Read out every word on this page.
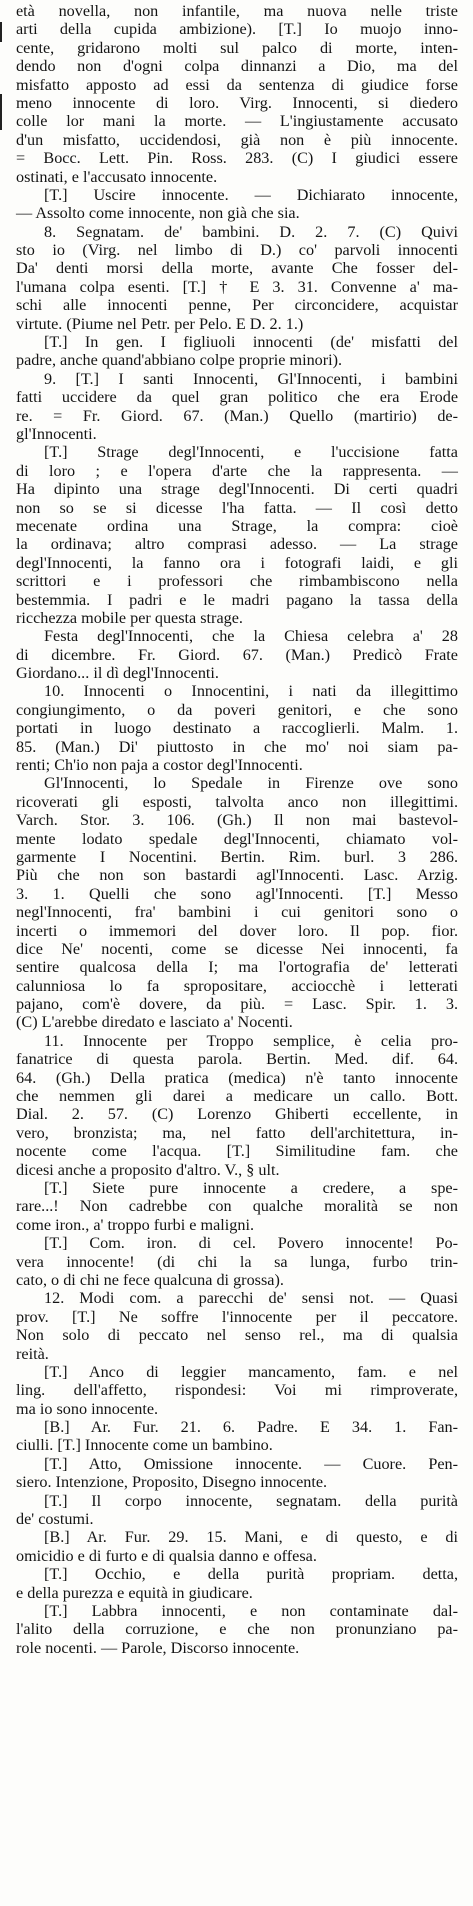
età novella, non infantile, ma nuova nelle triste
arti della cupida ambizione). [T.] Io muojo inno-
cente, gridarono molti sul palco di morte, inten-
dendo non d'ogni colpa dinnanzi a Dio, ma del
misfatto apposto ad essi da sentenza di giudice forse
meno innocente di loro. Virg. Innocenti, si diedero
colle lor mani la morte. — L'ingiustamente accusato
d'un misfatto, uccidendosi, già non è più innocente.
= Bocc. Lett. Pin. Ross. 283. (C) I giudici essere
ostinati, e l'accusato innocente.
[T.] Uscire innocente. — Dichiarato innocente,
— Assolto come innocente, non già che sia.
8. Segnatam. de' bambini. D. 2. 7. (C) Quivi
sto io (Virg. nel limbo di D.) co' parvoli innocenti
Da' denti morsi della morte, avante Che fosser del-
l'umana colpa esenti. [T.] † E 3. 31. Convenne a' ma-
schi alle innocenti penne, Per circoncidere, acquistar
virtute. (Piume nel Petr. per Pelo. E D. 2. 1.)
[T.] In gen. I figliuoli innocenti (de' misfatti del
padre, anche quand'abbiano colpe proprie minori).
9. [T.] I santi Innocenti, Gl'Innocenti, i bambini
fatti uccidere da quel gran politico che era Erode
re. = Fr. Giord. 67. (Man.) Quello (martirio) de-
gl'Innocenti.
[T.] Strage degl'Innocenti, e l'uccisione fatta
di loro ; e l'opera d'arte che la rappresenta. —
Ha dipinto una strage degl'Innocenti. Di certi quadri
non so se si dicesse l'ha fatta. — Il così detto
mecenate ordina una Strage, la compra: cioè
la ordinava; altro comprasi adesso. — La strage
degl'Innocenti, la fanno ora i fotografi laidi, e gli
scrittori e i professori che rimbambiscono nella
bestemmia. I padri e le madri pagano la tassa della
ricchezza mobile per questa strage.
Festa degl'Innocenti, che la Chiesa celebra a' 28
di dicembre. Fr. Giord. 67. (Man.) Predicò Frate
Giordano... il dì degl'Innocenti.
10. Innocenti o Innocentini, i nati da illegittimo
congiungimento, o da poveri genitori, e che sono
portati in luogo destinato a raccoglierli. Malm. 1.
85. (Man.) Di' piuttosto in che mo' noi siam pa-
renti; Ch'io non paja a costor degl'Innocenti.
Gl'Innocenti, lo Spedale in Firenze ove sono
ricoverati gli esposti, talvolta anco non illegittimi.
Varch. Stor. 3. 106. (Gh.) Il non mai bastevol-
mente lodato spedale degl'Innocenti, chiamato vol-
garmente I Nocentini. Bertin. Rim. burl. 3 286.
Più che non son bastardi agl'Innocenti. Lasc. Arzig.
3. 1. Quelli che sono agl'Innocenti. [T.] Messo
negl'Innocenti, fra' bambini i cui genitori sono o
incerti o immemori del dover loro. Il pop. fior.
dice Ne' nocenti, come se dicesse Nei innocenti, fa
sentire qualcosa della I; ma l'ortografia de' letterati
calunniosa lo fa spropositare, acciocchè i letterati
pajano, com'è dovere, da più. = Lasc. Spir. 1. 3.
(C) L'arebbe diredato e lasciato a' Nocenti.
11. Innocente per Troppo semplice, è celia pro-
fanatrice di questa parola. Bertin. Med. dif. 64.
64. (Gh.) Della pratica (medica) n'è tanto innocente
che nemmen gli darei a medicare un callo. Bott.
Dial. 2. 57. (C) Lorenzo Ghiberti eccellente, in
vero, bronzista; ma, nel fatto dell'architettura, in-
nocente come l'acqua. [T.] Similitudine fam. che
dicesi anche a proposito d'altro. V., § ult.
[T.] Siete pure innocente a credere, a spe-
rare...! Non cadrebbe con qualche moralità se non
come iron., a' troppo furbi e maligni.
[T.] Com. iron. di cel. Povero innocente! Po-
vera innocente! (di chi la sa lunga, furbo trin-
cato, o di chi ne fece qualcuna di grossa).
12. Modi com. a parecchi de' sensi not. — Quasi
prov. [T.] Ne soffre l'innocente per il peccatore.
Non solo di peccato nel senso rel., ma di qualsia
reità.
[T.] Anco di leggier mancamento, fam. e nel
ling. dell'affetto, rispondesi: Voi mi rimproverate,
ma io sono innocente.
[B.] Ar. Fur. 21. 6. Padre. E 34. 1. Fan-
ciulli. [T.] Innocente come un bambino.
[T.] Atto, Omissione innocente. — Cuore. Pen-
siero. Intenzione, Proposito, Disegno innocente.
[T.] Il corpo innocente, segnatam. della purità
de' costumi.
[B.] Ar. Fur. 29. 15. Mani, e di questo, e di
omicidio e di furto e di qualsia danno e offesa.
[T.] Occhio, e della purità propriam. detta,
e della purezza e equità in giudicare.
[T.] Labbra innocenti, e non contaminate dal-
l'alito della corruzione, e che non pronunziano pa-
role nocenti. — Parole, Discorso innocente.
